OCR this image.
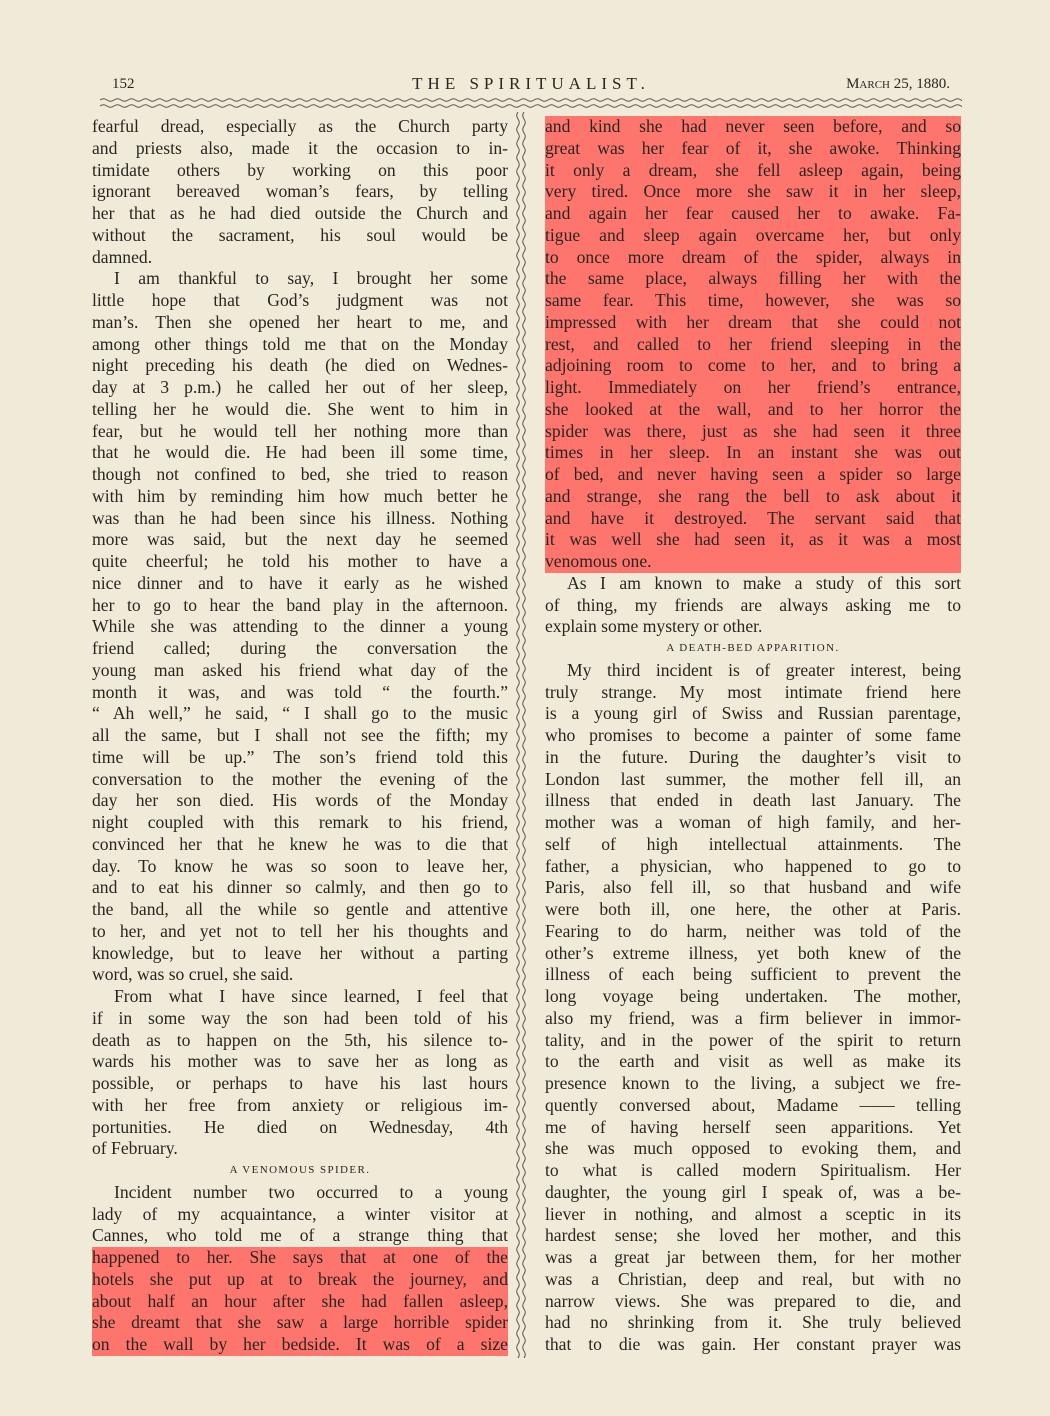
152	THE SPIRITUALIST.	March 25, 1880.
fearful dread, especially as the Church party
and priests also, made it the occasion to in-
timidate others by working on this poor
ignorant bereaved woman’s fears, by telling
her that as he had died outside the Church and
without the sacrament, his soul would be
damned.
I am thankful to say, I brought her some
little hope that God’s judgment was not
man’s. Then she opened her heart to me, and
among other things told me that on the Monday
night preceding his death (he died on Wednes-
day at 3 p.m.) he called her out of her sleep,
telling her he would die. She went to him in
fear, but he would tell her nothing more than
that he would die. He had been ill some time,
though not confined to bed, she tried to reason
with him by reminding him how much better he
was than he had been since his illness. Nothing
more was said, but the next day he seemed
quite cheerful; he told his mother to have a
nice dinner and to have it early as he wished
her to go to hear the band play in the afternoon.
While she was attending to the dinner a young
friend called; during the conversation the
young man asked his friend what day of the
month it was, and was told “ the fourth.”
“ Ah well,” he said, “ I shall go to the music
all the same, but I shall not see the fifth; my
time will be up.” The son’s friend told this
conversation to the mother the evening of the
day her son died. His words of the Monday
night coupled with this remark to his friend,
convinced her that he knew he was to die that
day. To know he was so soon to leave her,
and to eat his dinner so calmly, and then go to
the band, all the while so gentle and attentive
to her, and yet not to tell her his thoughts and
knowledge, but to leave her without a parting
word, was so cruel, she said.
From what I have since learned, I feel that
if in some way the son had been told of his
death as to happen on the 5th, his silence to-
wards his mother was to save her as long as
possible, or perhaps to have his last hours
with her free from anxiety or religious im-
portunities. He died on Wednesday, 4th
of February.
A VENOMOUS SPIDER.
Incident number two occurred to a young
lady of my acquaintance, a winter visitor at
Cannes, who told me of a strange thing that
happened to her. She says that at one of the
hotels she put up at to break the journey, and
about half an hour after she had fallen asleep,
she dreamt that she saw a large horrible spider
on the wall by her bedside. It was of a size
and kind she had never seen before, and so
great was her fear of it, she awoke. Thinking
it only a dream, she fell asleep again, being
very tired. Once more she saw it in her sleep,
and again her fear caused her to awake. Fa-
tigue and sleep again overcame her, but only
to once more dream of the spider, always in
the same place, always filling her with the
same fear. This time, however, she was so
impressed with her dream that she could not
rest, and called to her friend sleeping in the
adjoining room to come to her, and to bring a
light. Immediately on her friend’s entrance,
she looked at the wall, and to her horror the
spider was there, just as she had seen it three
times in her sleep. In an instant she was out
of bed, and never having seen a spider so large
and strange, she rang the bell to ask about it
and have it destroyed. The servant said that
it was well she had seen it, as it was a most
venomous one.
As I am known to make a study of this sort
of thing, my friends are always asking me to
explain some mystery or other.
A DEATH-BED APPARITION.
My third incident is of greater interest, being
truly strange. My most intimate friend here
is a young girl of Swiss and Russian parentage,
who promises to become a painter of some fame
in the future. During the daughter’s visit to
London last summer, the mother fell ill, an
illness that ended in death last January. The
mother was a woman of high family, and her-
self of high intellectual attainments. The
father, a physician, who happened to go to
Paris, also fell ill, so that husband and wife
were both ill, one here, the other at Paris.
Fearing to do harm, neither was told of the
other’s extreme illness, yet both knew of the
illness of each being sufficient to prevent the
long voyage being undertaken. The mother,
also my friend, was a firm believer in immor-
tality, and in the power of the spirit to return
to the earth and visit as well as make its
presence known to the living, a subject we fre-
quently conversed about, Madame —— telling
me of having herself seen apparitions. Yet
she was much opposed to evoking them, and
to what is called modern Spiritualism. Her
daughter, the young girl I speak of, was a be-
liever in nothing, and almost a sceptic in its
hardest sense; she loved her mother, and this
was a great jar between them, for her mother
was a Christian, deep and real, but with no
narrow views. She was prepared to die, and
had no shrinking from it. She truly believed
that to die was gain. Her constant prayer was
